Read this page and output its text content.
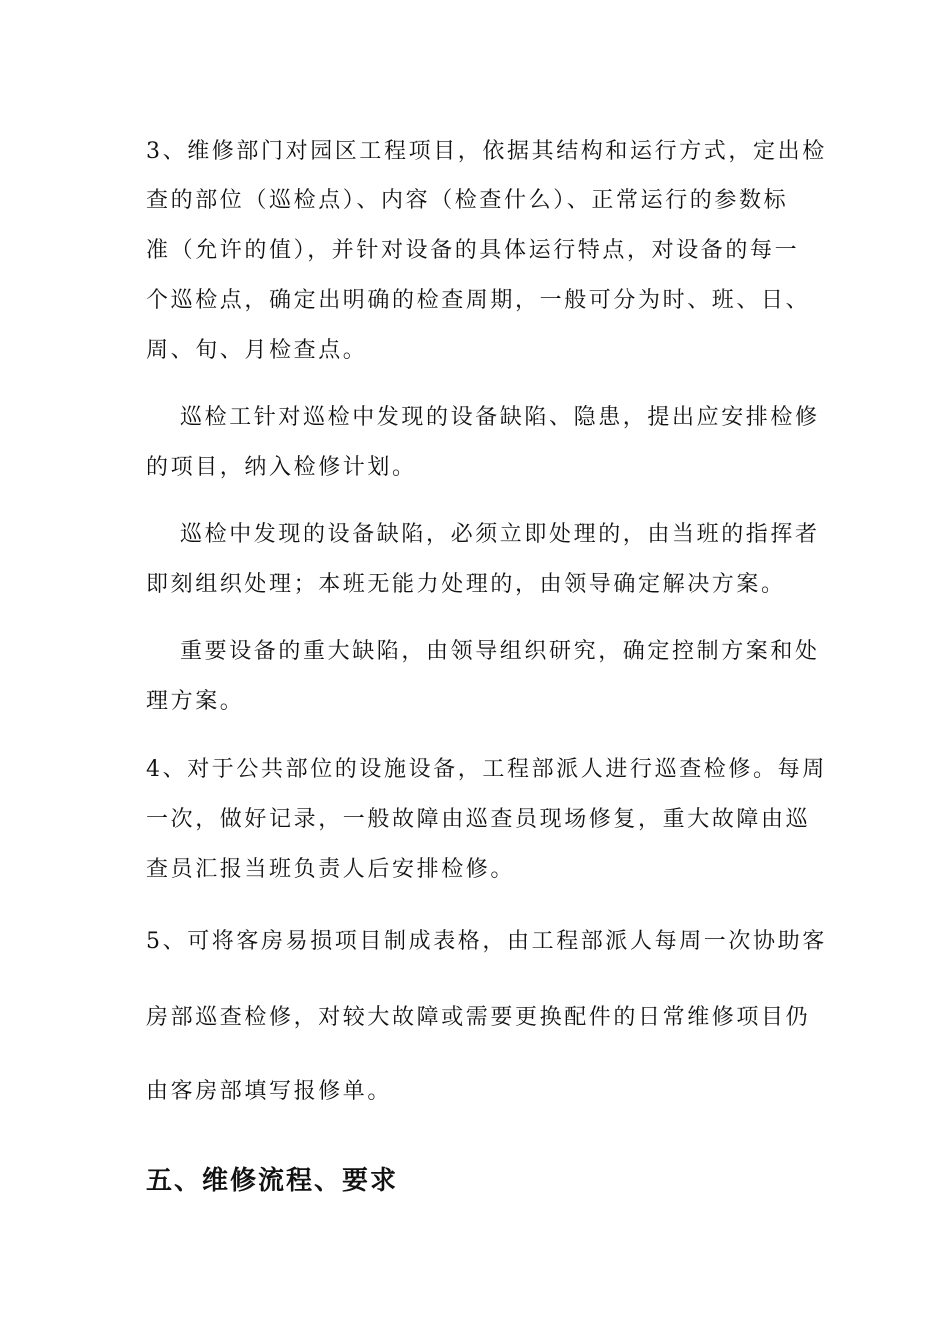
3、维修部门对园区工程项目，依据其结构和运行方式，定出检
查的部位（巡检点）、内容（检查什么）、正常运行的参数标
准（允许的值），并针对设备的具体运行特点，对设备的每一
个巡检点，确定出明确的检查周期，一般可分为时、班、日、
周、旬、月检查点。
巡检工针对巡检中发现的设备缺陷、隐患，提出应安排检修
的项目，纳入检修计划。
巡检中发现的设备缺陷，必须立即处理的，由当班的指挥者
即刻组织处理；本班无能力处理的，由领导确定解决方案。
重要设备的重大缺陷，由领导组织研究，确定控制方案和处
理方案。
4、对于公共部位的设施设备，工程部派人进行巡查检修。每周
一次，做好记录，一般故障由巡查员现场修复，重大故障由巡
查员汇报当班负责人后安排检修。
5、可将客房易损项目制成表格，由工程部派人每周一次协助客
房部巡查检修，对较大故障或需要更换配件的日常维修项目仍
由客房部填写报修单。
五、维修流程、要求
